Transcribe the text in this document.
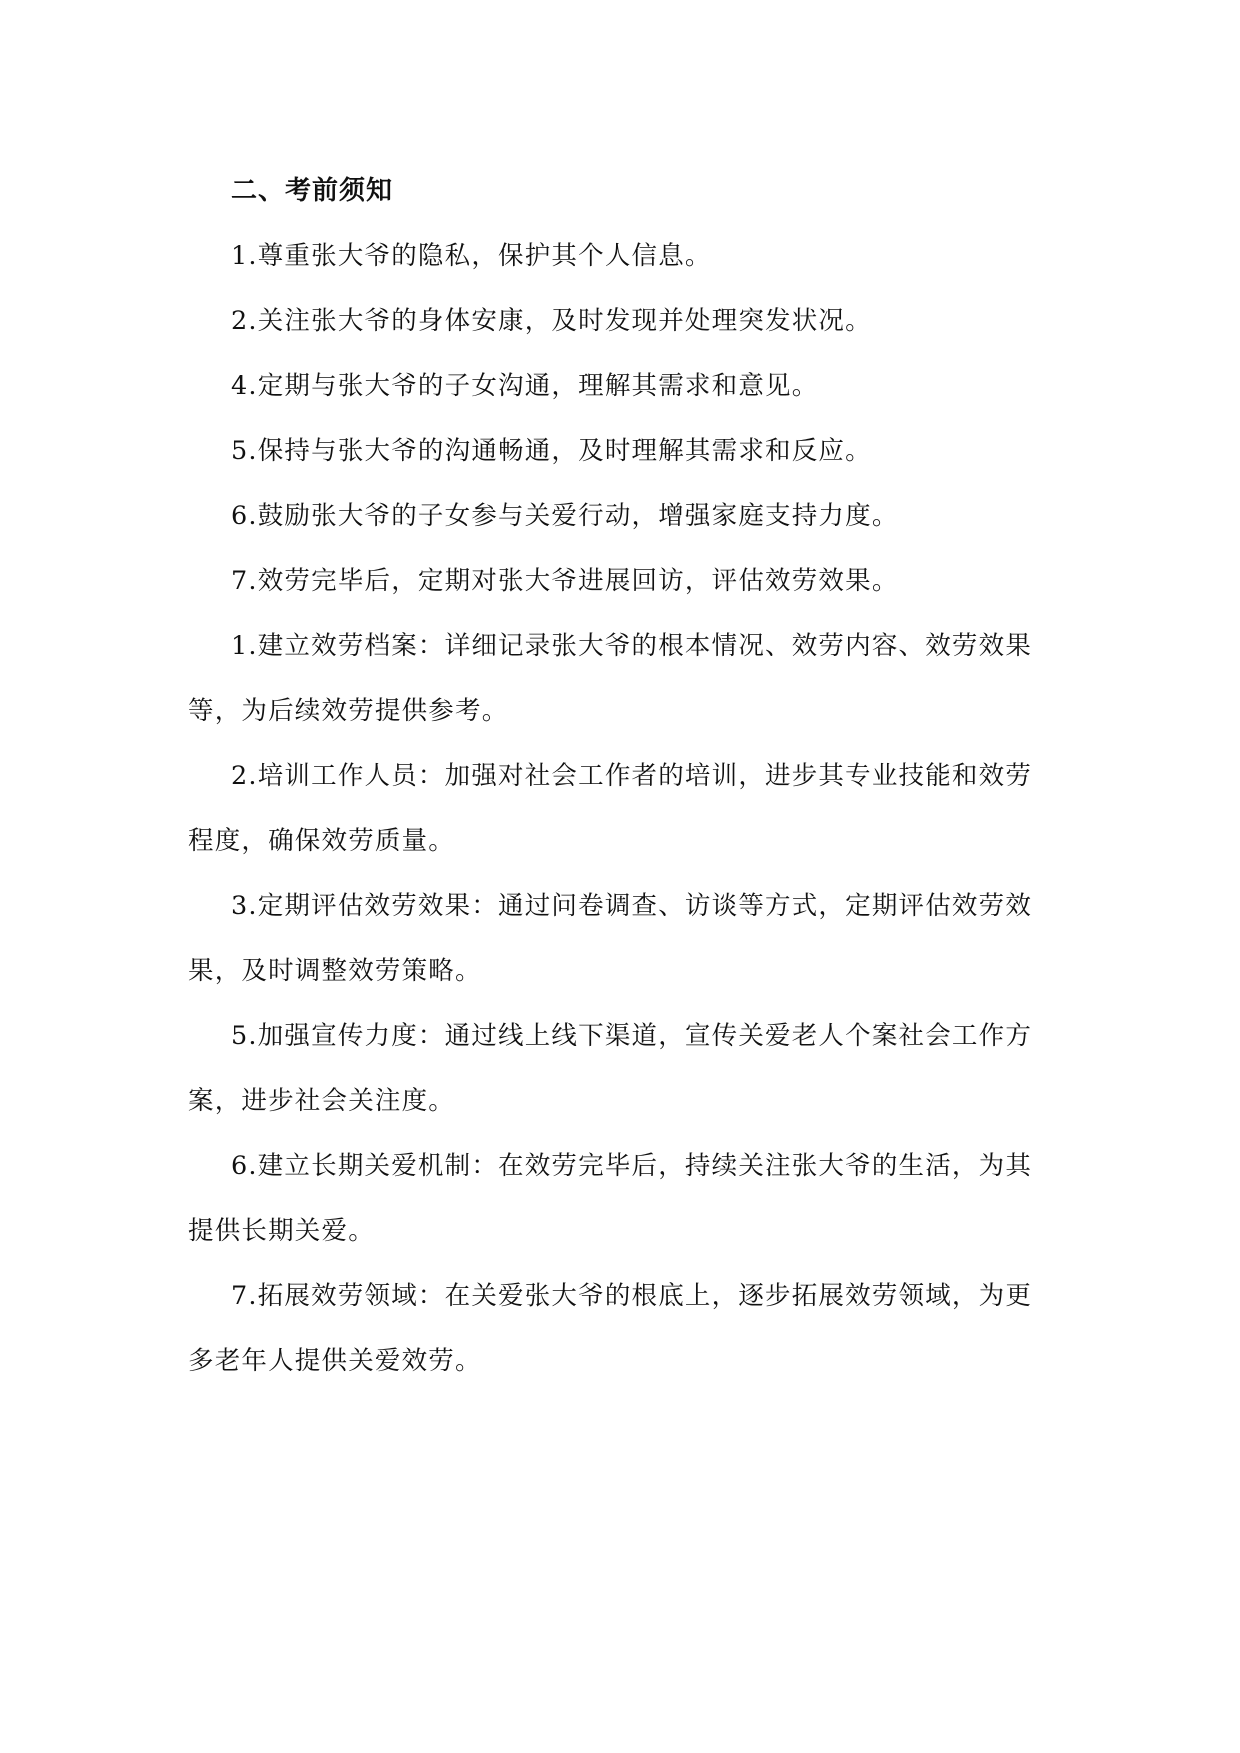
二、考前须知

1.尊重张大爷的隐私，保护其个人信息。

2.关注张大爷的身体安康，及时发现并处理突发状况。

4.定期与张大爷的子女沟通，理解其需求和意见。

5.保持与张大爷的沟通畅通，及时理解其需求和反应。

6.鼓励张大爷的子女参与关爱行动，增强家庭支持力度。

7.效劳完毕后，定期对张大爷进展回访，评估效劳效果。

1.建立效劳档案：详细记录张大爷的根本情况、效劳内容、效劳效果等，为后续效劳提供参考。

2.培训工作人员：加强对社会工作者的培训，进步其专业技能和效劳程度，确保效劳质量。

3.定期评估效劳效果：通过问卷调查、访谈等方式，定期评估效劳效果，及时调整效劳策略。

5.加强宣传力度：通过线上线下渠道，宣传关爱老人个案社会工作方案，进步社会关注度。

6.建立长期关爱机制：在效劳完毕后，持续关注张大爷的生活，为其提供长期关爱。

7.拓展效劳领域：在关爱张大爷的根底上，逐步拓展效劳领域，为更多老年人提供关爱效劳。
